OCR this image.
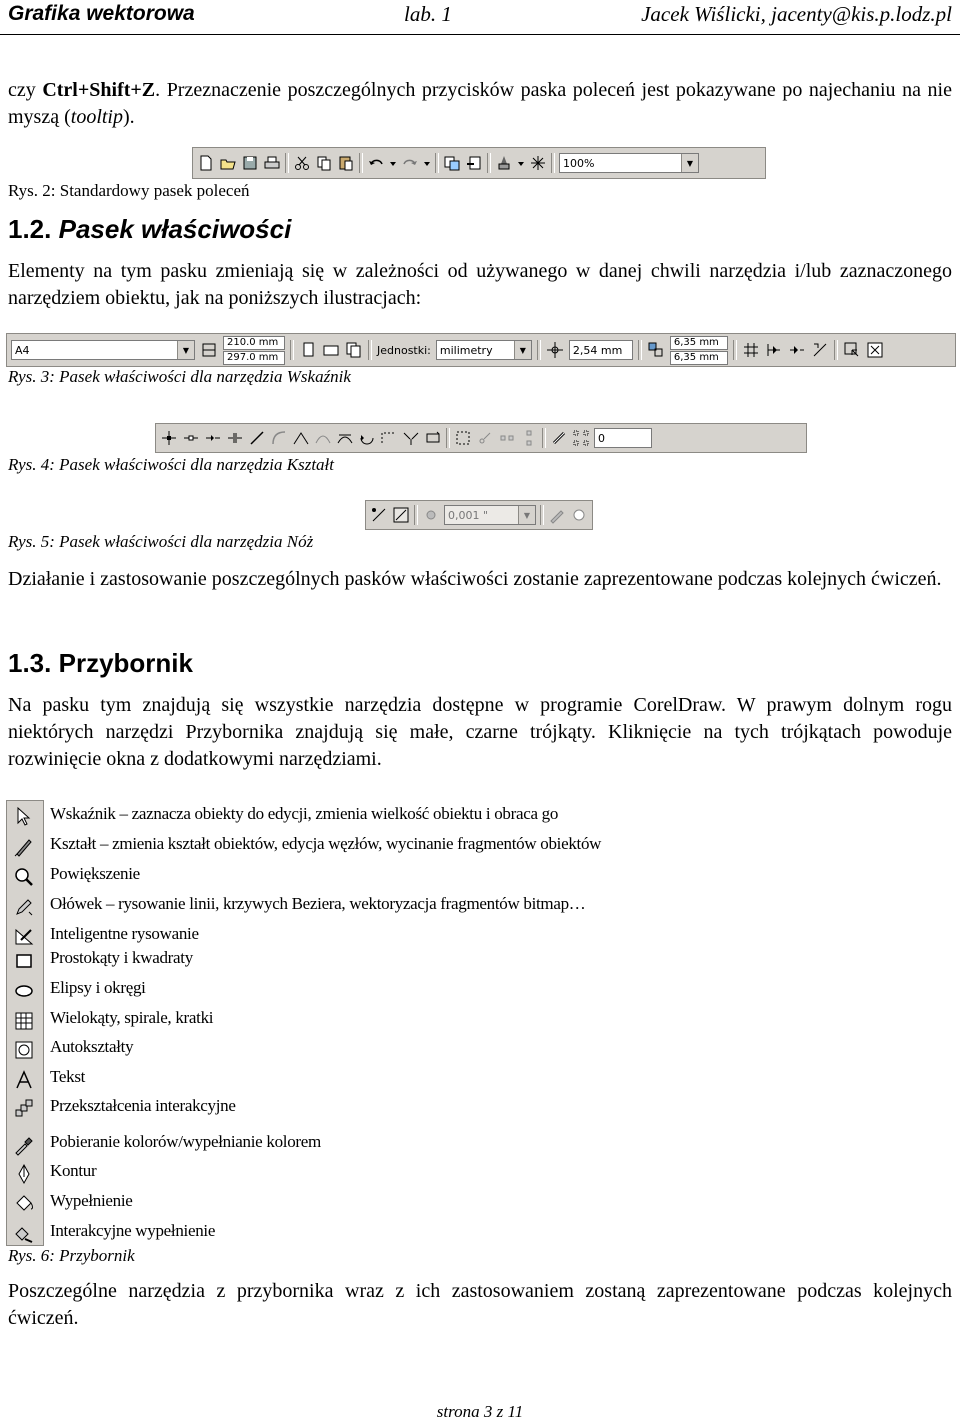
Grafika wektorowa	lab. 1	Jacek Wiślicki, jacenty@kis.p.lodz.pl
czy Ctrl+Shift+Z. Przeznaczenie poszczególnych przycisków paska poleceń jest pokazywane po najechaniu na nie myszą (tooltip).
100%	▼
Rys. 2: Standardowy pasek poleceń
1.2. Pasek właściwości
Elementy na tym pasku zmieniają się w zależności od używanego w danej chwili narzędzia i/lub zaznaczonego narzędziem obiektu, jak na poniższych ilustracjach:
A4	▼
210.0 mm
297.0 mm
Jednostki: milimetry	▼	2,54 mm
6,35 mm
6,35 mm
Rys. 3: Pasek właściwości dla narzędzia Wskaźnik
0
Rys. 4: Pasek właściwości dla narzędzia Kształt
0,001 "	▼
Rys. 5: Pasek właściwości dla narzędzia Nóż
Działanie i zastosowanie poszczególnych pasków właściwości zostanie zaprezentowane podczas kolejnych ćwiczeń.
1.3. Przybornik
Na pasku tym znajdują się wszystkie narzędzia dostępne w programie CorelDraw. W prawym dolnym rogu niektórych narzędzi Przybornika znajdują się małe, czarne trójkąty. Kliknięcie na tych trójkątach powoduje rozwinięcie okna z dodatkowymi narzędziami.
Wskaźnik – zaznacza obiekty do edycji, zmienia wielkość obiektu i obraca go
Kształt – zmienia kształt obiektów, edycja węzłów, wycinanie fragmentów obiektów
Powiększenie
Ołówek – rysowanie linii, krzywych Beziera, wektoryzacja fragmentów bitmap…
Inteligentne rysowanie
Prostokąty i kwadraty
Elipsy i okręgi
Wielokąty, spirale, kratki
Autokształty
Tekst
Przekształcenia interakcyjne
Pobieranie kolorów/wypełnianie kolorem
Kontur
Wypełnienie
Interakcyjne wypełnienie
Rys. 6: Przybornik
Poszczególne narzędzia z przybornika wraz z ich zastosowaniem zostaną zaprezentowane podczas kolejnych ćwiczeń.
strona 3 z 11
